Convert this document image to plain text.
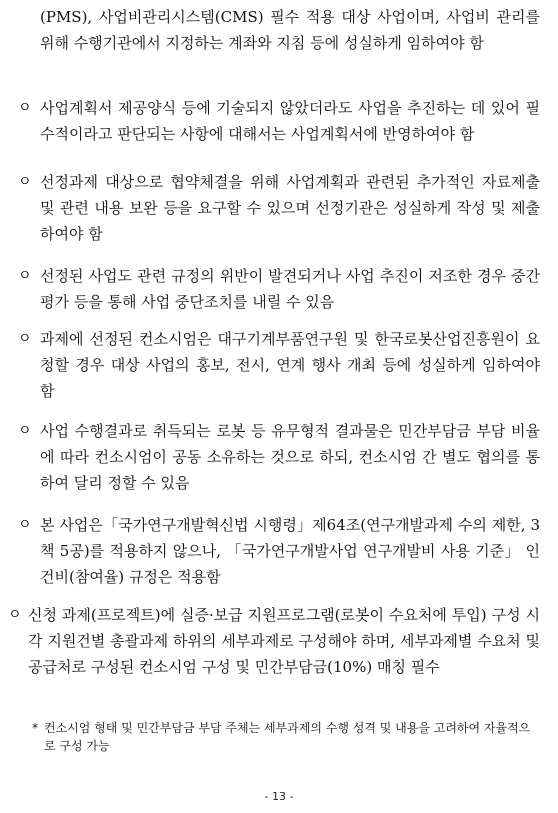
(PMS), 사업비관리시스템(CMS) 필수 적용 대상 사업이며, 사업비 관리를 위해 수행기관에서 지정하는 계좌와 지침 등에 성실하게 임하여야 함
ㅇ 사업계획서 제공양식 등에 기술되지 않았더라도 사업을 추진하는 데 있어 필수적이라고 판단되는 사항에 대해서는 사업계획서에 반영하여야 함
ㅇ 선정과제 대상으로 협약체결을 위해 사업계획과 관련된 추가적인 자료제출 및 관련 내용 보완 등을 요구할 수 있으며 선정기관은 성실하게 작성 및 제출하여야 함
ㅇ 선정된 사업도 관련 규정의 위반이 발견되거나 사업 추진이 저조한 경우 중간평가 등을 통해 사업 중단조치를 내릴 수 있음
ㅇ 과제에 선정된 컨소시엄은 대구기계부품연구원 및 한국로봇산업진흥원이 요청할 경우 대상 사업의 홍보, 전시, 연계 행사 개최 등에 성실하게 임하여야 함
ㅇ 사업 수행결과로 취득되는 로봇 등 유무형적 결과물은 민간부담금 부담 비율에 따라 컨소시엄이 공동 소유하는 것으로 하되, 컨소시엄 간 별도 협의를 통하여 달리 정할 수 있음
ㅇ 본 사업은「국가연구개발혁신법 시행령」제64조(연구개발과제 수의 제한, 3책 5공)를 적용하지 않으나, 「국가연구개발사업 연구개발비 사용 기준」 인건비(참여율) 규정은 적용함
ㅇ 신청 과제(프로젝트)에 실증·보급 지원프로그램(로봇이 수요처에 투입) 구성 시 각 지원건별 총괄과제 하위의 세부과제로 구성해야 하며, 세부과제별 수요처 및 공급처로 구성된 컨소시엄 구성 및 민간부담금(10%) 매칭 필수
* 컨소시엄 형태 및 민간부담금 부담 주체는 세부과제의 수행 성격 및 내용을 고려하여 자율적으로 구성 가능
- 13 -
